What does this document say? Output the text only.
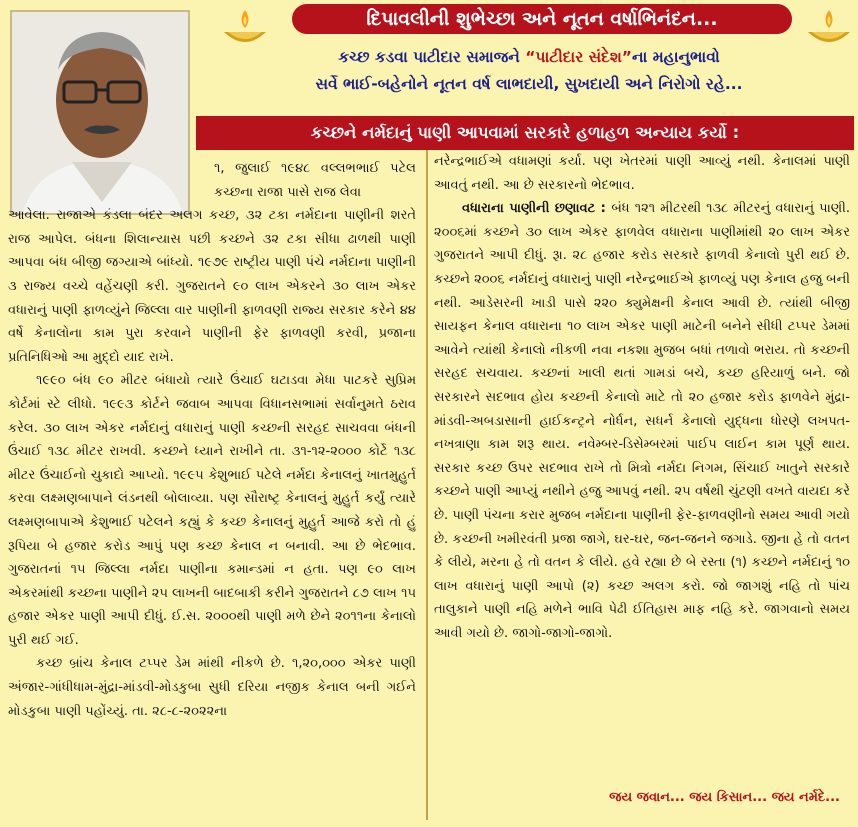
દિપાવલીની શુભેચ્છા અને નૂતન વર્ષાભિનંદન...
કચ્છ કડવા પાટીદાર સમાજને “પાટીદાર સંદેશ”ના મહાનુભાવો
સર્વે ભાઈ-બહેનોને નૂતન વર્ષ લાભદાયી, સુખદાયી અને નિરોગો રહે...
કચ્છને નર્મદાનું પાણી આપવામાં સરકારે હળાહળ અન્યાય કર્યો :

૧, જુલાઈ ૧૯૪૮ વલ્લભભાઈ પટેલ કચ્છના રાજા પાસે રાજ લેવા

આવેલા. રાજાએ કંડલા બંદર અલગ કચ્છ, ૩૨ ટકા નર્મદાના પાણીની શરતે રાજ આપેલ. બંધના શિલાન્યાસ પછી કચ્છને ૩૨ ટકા સીધા ઢાળથી પાણી આપવા બંધ બીજી જગ્યાએ બાંધ્યો. ૧૯૭૯ રાષ્ટ્રીય પાણી પંચે નર્મદાના પાણીની ૩ રાજ્ય વચ્ચે વહેંચણી કરી. ગુજરાતને ૯૦ લાખ એકરને ૩૦ લાખ એકર વધારાનું પાણી ફાળવ્યુંને જિલ્લા વાર પાણીની ફાળવણી રાજ્ય સરકાર કરેને ૪૪ વર્ષે કેનાલોના કામ પુરા કરવાને પાણીની ફેર ફાળવણી કરવી, પ્રજાના પ્રતિનિધિઓ આ મુદ્દો યાદ રાખે.

૧૯૯૦ બંધ ૯૦ મીટર બંધાયો ત્યારે ઉંચાઈ ઘટાડવા મેધા પાટકરે સુપ્રિમ કોર્ટમાં સ્ટે લીધો. ૧૯૯૩ કોર્ટને જવાબ આપવા વિધાનસભામાં સર્વાનુમતે ઠરાવ કરેલ. ૩૦ લાખ એકર નર્મદાનું વધારાનું પાણી કચ્છની સરહદ સાચવવા બંધની ઉંચાઈ ૧૩૮ મીટર રાખવી. કચ્છને ધ્યાને રાખીને તા. ૩૧-૧૨-૨૦૦૦ કોર્ટે ૧૩૮ મીટર ઉંચાઈનો ચુકાદો આપ્યો. ૧૯૯૫ કેશુભાઈ પટેલે નર્મદા કેનાલનું ખાતમુહુર્ત કરવા લક્ષ્મણબાપાને લંડનથી બોલાવ્યા. પણ સૌરાષ્ટ્ર કેનાલનું મુહુર્ત કર્યું ત્યારે લક્ષ્મણબાપાએ કેશુભાઈ પટેલને કહ્યું કે કચ્છ કેનાલનું મુહુર્ત આજે કરો તો હું રૂપિયા બે હજાર કરોડ આપું પણ કચ્છ કેનાલ ન બનાવી. આ છે ભેદભાવ. ગુજરાતનાં ૧૫ જિલ્લા નર્મદા પાણીના કમાન્ડમાં ન હતા. પણ ૯૦ લાખ એકરમાંથી કચ્છના પાણીને ૨૫ લાખની બાદબાકી કરીને ગુજરાતને ૮૭ લાખ ૧૫ હજાર એકર પાણી આપી દીધું. ઈ.સ. ૨૦૦૦થી પાણી મળે છેને ૨૦૧૧ના કેનાલો પુરી થઈ ગઈ.

કચ્છ બ્રાંચ કેનાલ ટપ્પર ડેમ માંથી નીકળે છે. ૧,૨૦,૦૦૦ એકર પાણી અંજાર-ગાંધીધામ-મુંદ્રા-માંડવી-મોડકુબા સુધી દરિયા નજીક કેનાલ બની ગઈને મોડકુબા પાણી પહોંચ્યું. તા. ૨૮-૮-૨૦૨૨ના

નરેન્દ્રભાઈએ વધામણાં કર્યા. પણ ખેતરમાં પાણી આવ્યું નથી. કેનાલમાં પાણી આવતું નથી. આ છે સરકારનો ભેદભાવ.

વધારાના પાણીની છણાવટ : બંધ ૧૨૧ મીટરથી ૧૩૮ મીટરનું વધારાનું પાણી. ૨૦૦૬માં કચ્છને ૩૦ લાખ એકર ફાળવેલ વધારાના પાણીમાંથી ૨૦ લાખ એકર ગુજરાતને આપી દીધું. રૂા. ૨૮ હજાર કરોડ સરકારે ફાળવી કેનાલો પુરી થઈ છે. કચ્છને ૨૦૦૬ નર્મદાનું વધારાનું પાણી નરેન્દ્રભાઈએ ફાળવ્યું પણ કેનાલ હજુ બની નથી. આડેસરની ખાડી પાસે ૨૨૦ ક્યુમેક્ષની કેનાલ આવી છે. ત્યાંથી બીજી સાયફન કેનાલ વધારાના ૧૦ લાખ એકર પાણી માટેની બનેને સીધી ટપ્પર ડેમમાં આવેને ત્યાંથી કેનાલો નીકળી નવા નકશા મુજબ બધાં તળાવો ભરાય. તો કચ્છની સરહદ સચવાય. કચ્છનાં ખાલી થતાં ગામડાં બચે, કચ્છ હરિયાળું બને. જો સરકારને સદભાવ હોય કચ્છની કેનાલો માટે તો ૨૦ હજાર કરોડ ફાળવેને મુંદ્રા-માંડવી-અબડાસાની હાઈકન્ટ્રને નોર્ધન, સધર્ન કેનાલો યુદ્ધના ધોરણે લખપત-નખત્રાણા કામ શરૂ થાય. નવેમ્બર-ડિસેમ્બરમાં પાઈપ લાઈન કામ પૂર્ણ થાય. સરકાર કચ્છ ઉપર સદભાવ રાખે તો મિત્રો નર્મદા નિગમ, સિંચાઈ ખાતુને સરકારે કચ્છને પાણી આપ્યું નથીને હજુ આપવું નથી. ૨૫ વર્ષથી ચુંટણી વખતે વાયદા કરે છે. પાણી પંચના કરાર મુજબ નર્મદાના પાણીની ફેર-ફાળવણીનો સમય આવી ગયો છે. કચ્છની ખમીરવંતી પ્રજા જાગે, ઘર-ઘર, જન-જનને જગાડે. જીના હે તો વતન કે લીયે, મરના હે તો વતન કે લીયે. હવે રહ્યા છે બે રસ્તા (૧) કચ્છને નર્મદાનું ૧૦ લાખ વધારાનું પાણી આપો (૨) કચ્છ અલગ કરો. જો જાગશું નહિ તો પાંચ તાલુકાને પાણી નહિ મળેને ભાવિ પેઢી ઈતિહાસ માફ નહિ કરે. જાગવાનો સમય આવી ગયો છે. જાગો-જાગો-જાગો.

જય જવાન... જય કિસાન... જય નર્મદે...
